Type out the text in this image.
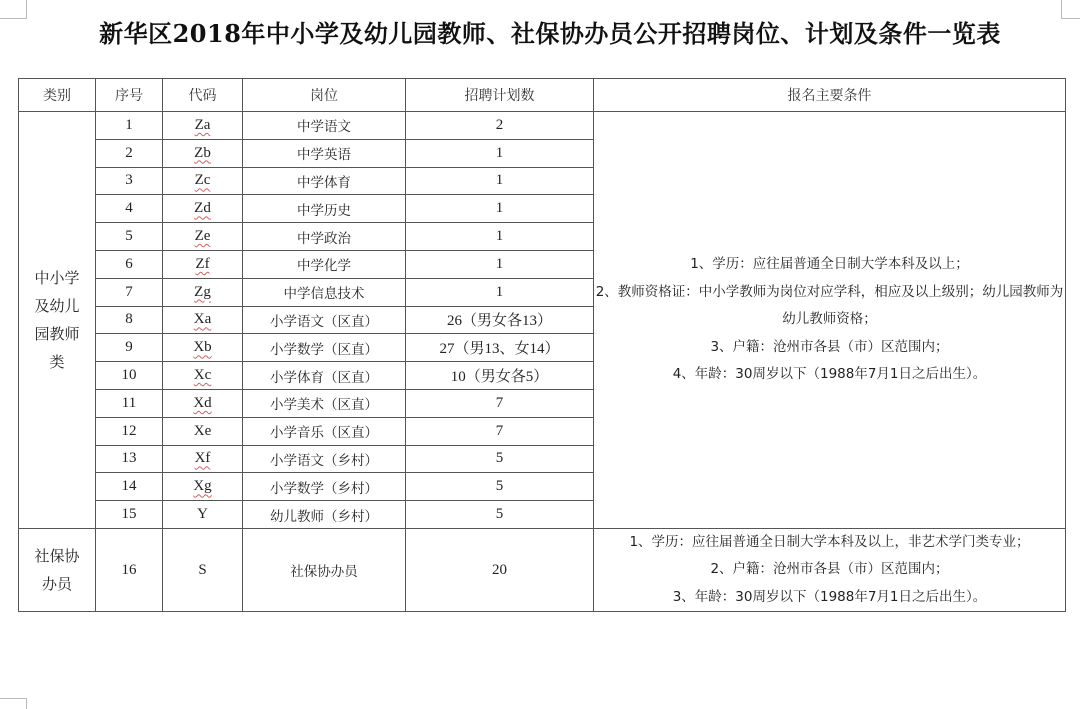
新华区2018年中小学及幼儿园教师、社保协办员公开招聘岗位、计划及条件一览表
类别	序号	代码	岗位	招聘计划数	报名主要条件

中小学
及幼儿
园教师
类
	1	Za	中学语文	2	

1、学历：应往届普通全日制大学本科及以上；

2、教师资格证：中小学教师为岗位对应学科，相应及以上级别；幼儿园教师为幼儿教师资格；

3、户籍：沧州市各县（市）区范围内；

4、年龄：30周岁以下（1988年7月1日之后出生）。

	2	Zb	中学英语	1	
	3	Zc	中学体育	1	
	4	Zd	中学历史	1	
	5	Ze	中学政治	1	
	6	Zf	中学化学	1	
	7	Zg	中学信息技术	1	
	8	Xa	小学语文（区直）	26（男女各13）	
	9	Xb	小学数学（区直）	27（男13、女14）	
	10	Xc	小学体育（区直）	10（男女各5）	
	11	Xd	小学美术（区直）	7	
	12	Xe	小学音乐（区直）	7	
	13	Xf	小学语文（乡村）	5	
	14	Xg	小学数学（乡村）	5	
	15	Y	幼儿教师（乡村）	5	

社保协
办员
	16	S	社保协办员	20	

1、学历：应往届普通全日制大学本科及以上，非艺术学门类专业；

2、户籍：沧州市各县（市）区范围内；

3、年龄：30周岁以下（1988年7月1日之后出生）。
